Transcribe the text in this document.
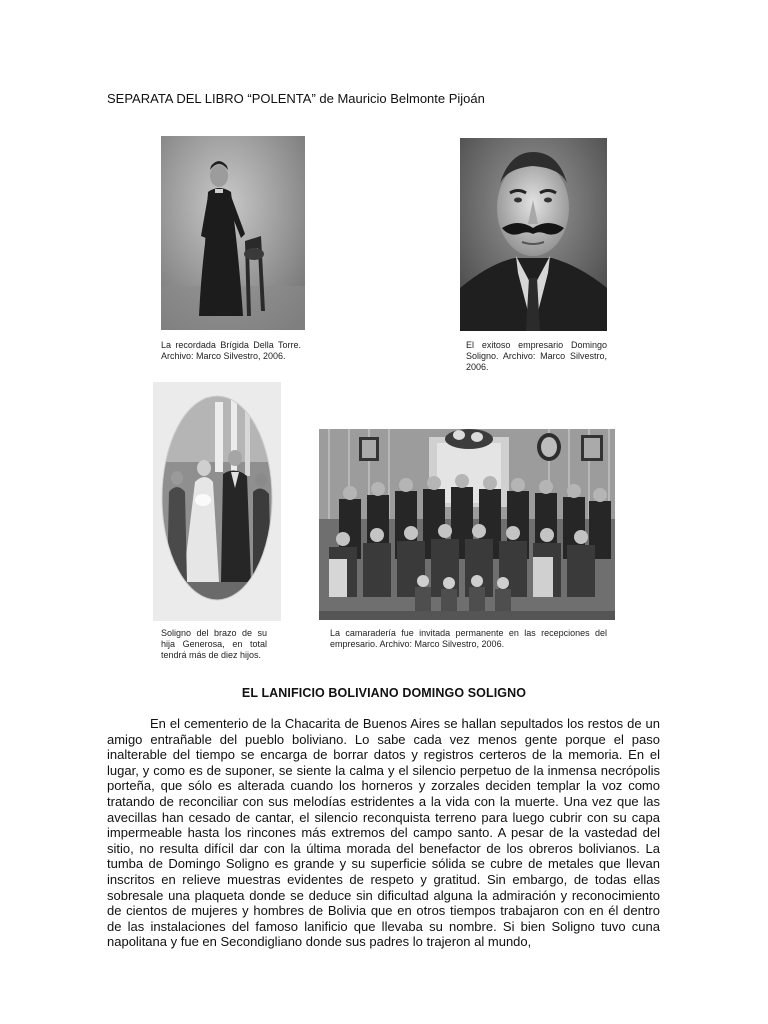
SEPARATA DEL LIBRO “POLENTA” de Mauricio Belmonte Pijoán
La recordada Brígida Della Torre. Archivo: Marco Silvestro, 2006.
El exitoso empresario Domingo Soligno. Archivo: Marco Silvestro, 2006.
Soligno del brazo de su hija Generosa, en total tendrá más de diez hijos.
La camaradería fue invitada permanente en las recepciones del empresario. Archivo: Marco Silvestro, 2006.
EL LANIFICIO BOLIVIANO DOMINGO SOLIGNO

En el cementerio de la Chacarita de Buenos Aires se hallan sepultados los restos de un amigo entrañable del pueblo boliviano. Lo sabe cada vez menos gente porque el paso inalterable del tiempo se encarga de borrar datos y registros certeros de la memoria. En el lugar, y como es de suponer, se siente la calma y el silencio perpetuo de la inmensa necrópolis porteña, que sólo es alterada cuando los horneros y zorzales deciden templar la voz como tratando de reconciliar con sus melodías estridentes a la vida con la muerte. Una vez que las avecillas han cesado de cantar, el silencio reconquista terreno para luego cubrir con su capa impermeable hasta los rincones más extremos del campo santo. A pesar de la vastedad del sitio, no resulta difícil dar con la última morada del benefactor de los obreros bolivianos. La tumba de Domingo Soligno es grande y su superficie sólida se cubre de metales que llevan inscritos en relieve muestras evidentes de respeto y gratitud. Sin embargo, de todas ellas sobresale una plaqueta donde se deduce sin dificultad alguna la admiración y reconocimiento de cientos de mujeres y hombres de Bolivia que en otros tiempos trabajaron con en él dentro de las instalaciones del famoso lanificio que llevaba su nombre. Si bien Soligno tuvo cuna napolitana y fue en Secondigliano donde sus padres lo trajeron al mundo,
